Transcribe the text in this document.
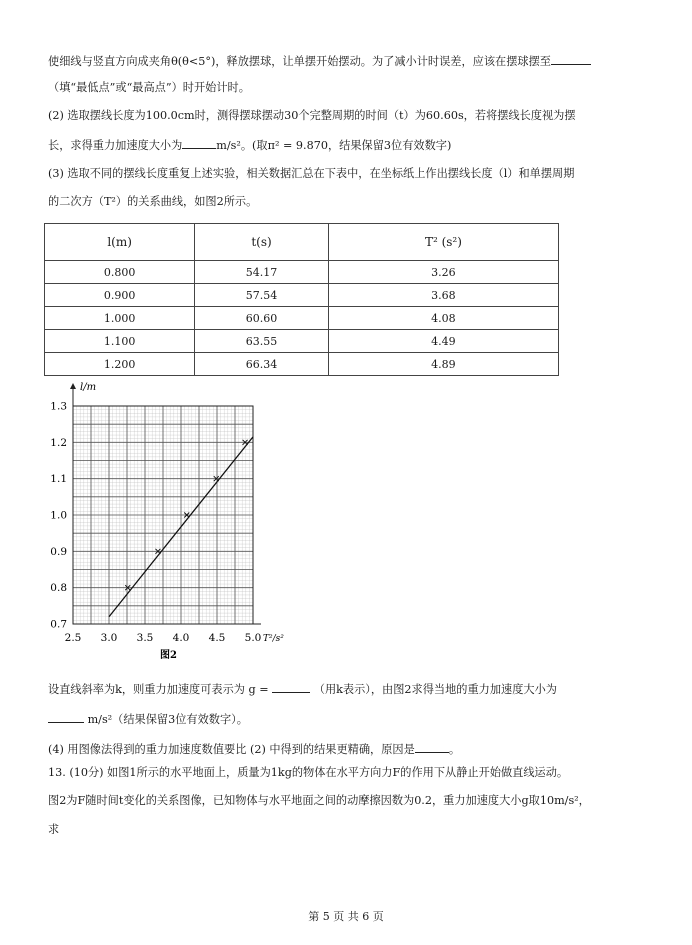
使细线与竖直方向成夹角θ(θ<5°)，释放摆球，让单摆开始摆动。为了减小计时误差，应该在摆球摆至
（填“最低点”或“最高点”）时开始计时。
(2) 选取摆线长度为100.0cm时，测得摆球摆动30个完整周期的时间（t）为60.60s，若将摆线长度视为摆
长，求得重力加速度大小为	m/s²。(取π² = 9.870，结果保留3位有效数字)
(3) 选取不同的摆线长度重复上述实验，相关数据汇总在下表中，在坐标纸上作出摆线长度（l）和单摆周期
的二次方（T²）的关系曲线，如图2所示。
l(m)	t(s)	T² (s²)
0.800	54.17	3.26
0.900	57.54	3.68
1.000	60.60	4.08
1.100	63.55	4.49
1.200	66.34	4.89
0.7
0.8
0.9
1.0
1.1
1.2
1.3
2.5 3.0 3.5 4.0 4.5 5.0
l/m
T²/s²
图2
设直线斜率为k，则重力加速度可表示为 g =	（用k表示），由图2求得当地的重力加速度大小为
m/s²（结果保留3位有效数字）。
(4) 用图像法得到的重力加速度数值要比 (2) 中得到的结果更精确，原因是	。
13. (10分) 如图1所示的水平地面上，质量为1kg的物体在水平方向力F的作用下从静止开始做直线运动。
图2为F随时间t变化的关系图像，已知物体与水平地面之间的动摩擦因数为0.2，重力加速度大小g取10m/s²，
求
第 5 页 共 6 页
